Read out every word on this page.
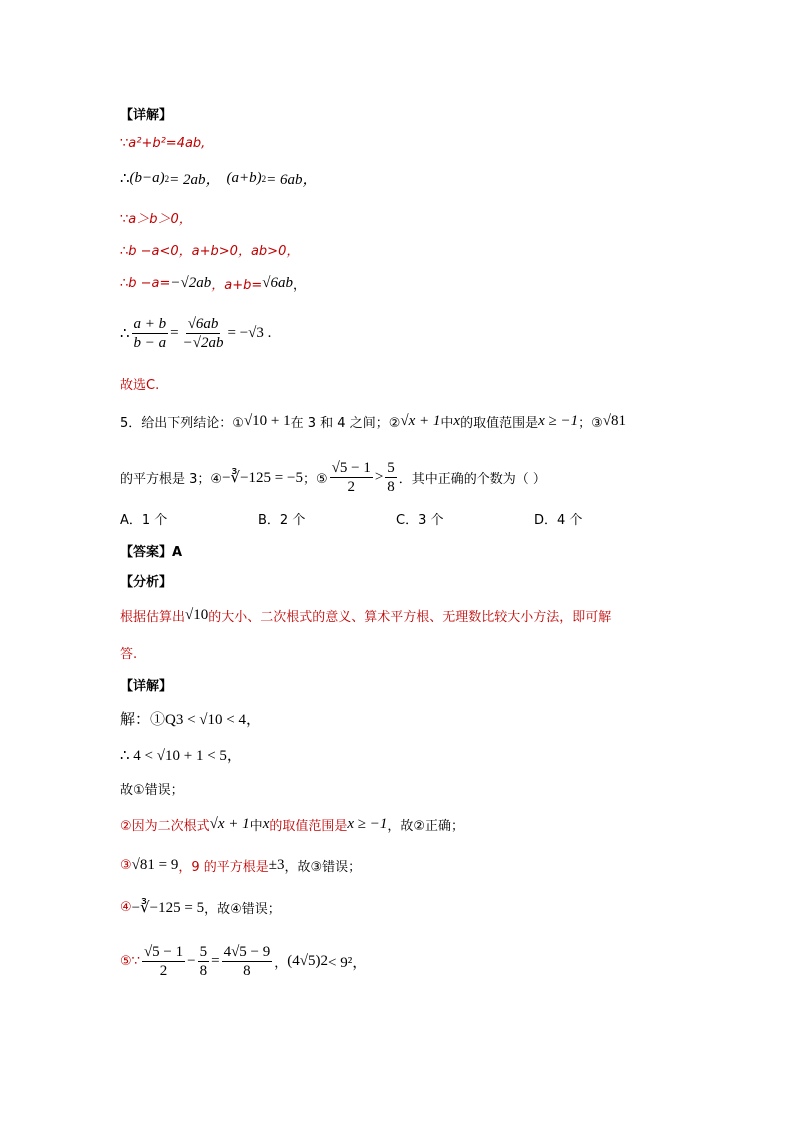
【详解】
∵a²+b²=4ab,
∴ (b−a) 2 = 2ab， (a+b) 2 = 6ab，
∵a＞b＞0，
∴b −a<0，a+b>0，ab>0，
∴b −a= −√2ab ，a+b= √6ab ，
∴ $\frac{a + b}{b - a} = \frac{√6ab}{-√2ab} = -√3$ .
故选C.
5．给出下列结论：① √10 + 1 在 3 和 4 之间；② √x + 1 中 x 的取值范围是 x ≥ −1 ；③ √81
的平方根是 3；④ −∛−125 = −5 ；⑤ $\frac{√5 - 1}{2} > \frac{5}{8}$ ．其中正确的个数为（ ）
A．1 个	B．2 个	C．3 个	D．4 个
【答案】A
【分析】
根据估算出 √10 的大小、二次根式的意义、算术平方根、无理数比较大小方法，即可解
答.
【详解】
解：①Q3 < √10 < 4，
∴ 4 < √10 + 1 < 5，
故①错误；
②因为二次根式 √x + 1 中 x 的取值范围是 x ≥ −1 ，故②正确；
③ √81 = 9 ，9 的平方根是 ±3 ，故③错误；
④ −∛−125 = 5 ，故④错误；
⑤∵ $\frac{√5 - 1}{2} - \frac{5}{8} = \frac{4√5 - 9}{8}$ ， (4√5) 2 < 9²，
